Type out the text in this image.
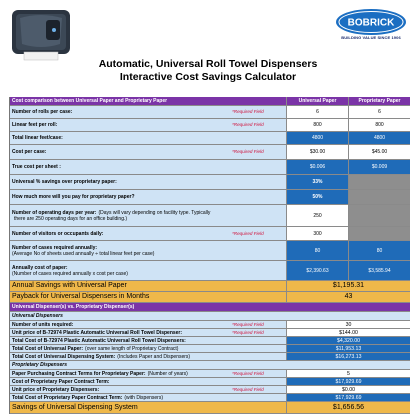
BOBRICK
BUILDING VALUE SINCE 1906
Automatic, Universal Roll Towel Dispensers
Interactive Cost Savings Calculator
Cost comparison between Universal Paper and Proprietary Paper	Universal Paper	Proprietary Paper
Number of rolls per case:	*Required Field	6	6
Linear feet per roll:	*Required Field	800	800
Total linear feet/case:	4800	4800
Cost per case:	*Required Field	$30.00	$45.00
True cost per sheet :	$0.006	$0.009
Universal % savings over proprietary paper:	33%
How much more will you pay for proprietary paper?	50%
Number of operating days per year: (Days will vary depending on facility type. Typically
there are 250 operating days for an office building.)	250
Number of visitors or occupants daily:	*Required Field	300
Number of cases required annually:
(Average No of sheets used annually ÷ total linear feet per case)	80	80
Annually cost of paper:
(Number of cases required annually x cost per case)	$2,390.63	$3,585.94
Annual Savings with Universal Paper	$1,195.31
Payback for Universal Dispensers in Months	43
Universal Dispenser(s) vs. Proprietary Dispenser(s)
Universal Dispensers
Number of units required:	*Required Field	30
Unit price of B-72974 Plastic Automatic Universal Roll Towel Dispenser:	*Required Field	$144.00
Total Cost of B-72974 Plastic Automatic Universal Roll Towel Dispensers:	$4,320.00
Total Cost of Universal Paper: (over same length of Proprietary Contract)	$11,953.13
Total Cost of Universal Dispensing System: (Includes Paper and Dispensers)	$16,273.13
Proprietary Dispensers
Paper Purchasing Contract Terms for Proprietary Paper: (Number of years)	*Required Field	5
Cost of Proprietary Paper Contract Term:	$17,929.69
Unit price of Proprietary Dispensers:	*Required Field	$0.00
Total Cost of Proprietary Paper Contract Term: (with Dispensers)	$17,929.69
Savings of Universal Dispensing System	$1,656.56
